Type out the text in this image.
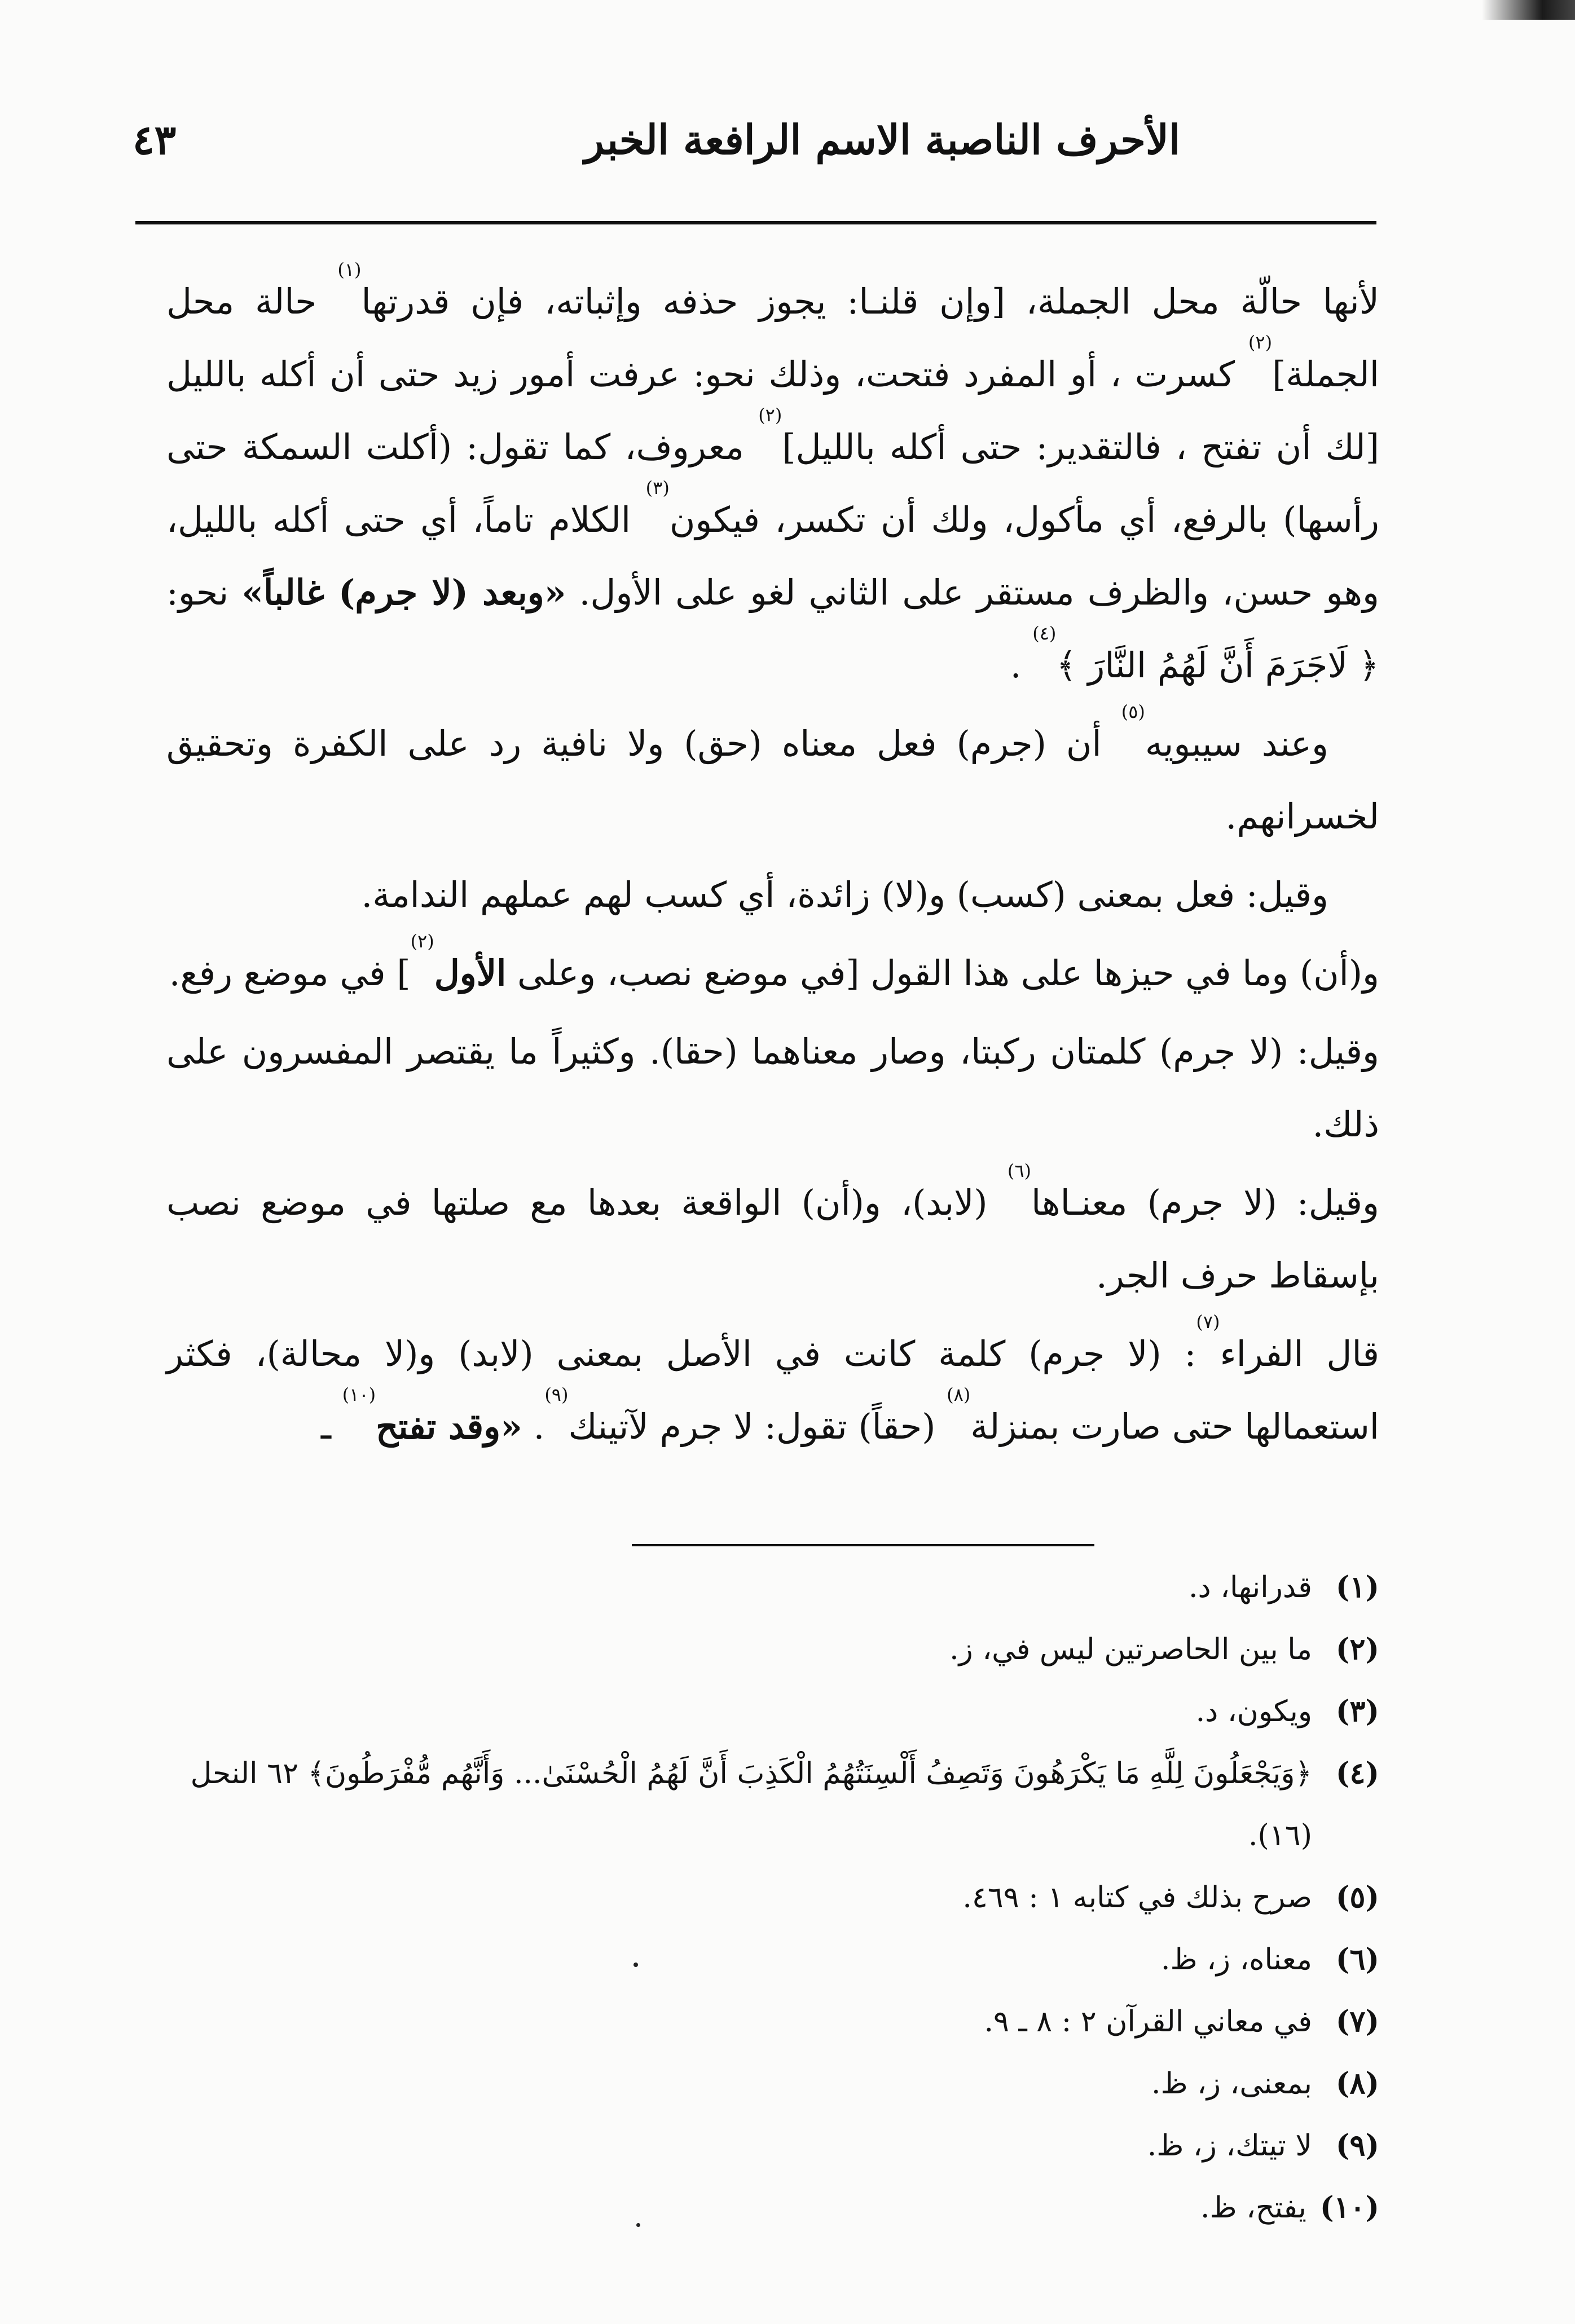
٤٣	الأحرف الناصبة الاسم الرافعة الخبر

لأنها حالّة محل الجملة، [وإن قلنـا: يجوز حذفه وإثباته، فإن قدرتها$^{(١)}$ حالة محل الجملة]$^{(٢)}$ كسرت ، أو المفرد فتحت، وذلك نحو: عرفت أمور زيد حتى أن أكله بالليل [لك أن تفتح ، فالتقدير: حتى أكله بالليل]$^{(٢)}$ معروف، كما تقول: (أكلت السمكة حتى رأسها) بالرفع، أي مأكول، ولك أن تكسر، فيكون$^{(٣)}$ الكلام تاماً، أي حتى أكله بالليل، وهو حسن، والظرف مستقر على الثاني لغو على الأول. «وبعد (لا جرم) غالباً» نحو: ﴿ لَاجَرَمَ أَنَّ لَهُمُ النَّارَ ﴾$^{(٤)}$ .

وعند سيبويه$^{(٥)}$ أن (جرم) فعل معناه (حق) ولا نافية رد على الكفرة وتحقيق لخسرانهم.

وقيل: فعل بمعنى (كسب) و(لا) زائدة، أي كسب لهم عملهم الندامة.

و(أن) وما في حيزها على هذا القول [في موضع نصب، وعلى الأول$^{(٢)}$] في موضع رفع.

وقيل: (لا جرم) كلمتان ركبتا، وصار معناهما (حقا). وكثيراً ما يقتصر المفسرون على ذلك.

وقيل: (لا جرم) معنـاها$^{(٦)}$ (لابد)، و(أن) الواقعة بعدها مع صلتها في موضع نصب بإسقاط حرف الجر.

قال الفراء$^{(٧)}$: (لا جرم) كلمة كانت في الأصل بمعنى (لابد) و(لا محالة)، فكثر استعمالها حتى صارت بمنزلة$^{(٨)}$ (حقاً) تقول: لا جرم لآتينك$^{(٩)}$. «وقد تفتح$^{(١٠)}$ ـ

(١)
قدرانها، د.
(٢)
ما بين الحاصرتين ليس في، ز.
(٣)
ويكون، د.
(٤)
﴿وَيَجْعَلُونَ لِلَّهِ مَا يَكْرَهُونَ وَتَصِفُ أَلْسِنَتُهُمُ الْكَذِبَ أَنَّ لَهُمُ الْحُسْنَىٰ... وَأَنَّهُم مُّفْرَطُونَ﴾ ٦٢ النحل (١٦).
(٥)
صرح بذلك في كتابه ١ : ٤٦٩.
(٦)
معناه، ز، ظ.
(٧)
في معاني القرآن ٢ : ٨ ـ ٩.
(٨)
بمعنى، ز، ظ.
(٩)
لا تيتك، ز، ظ.
(١٠)
يفتح، ظ.
